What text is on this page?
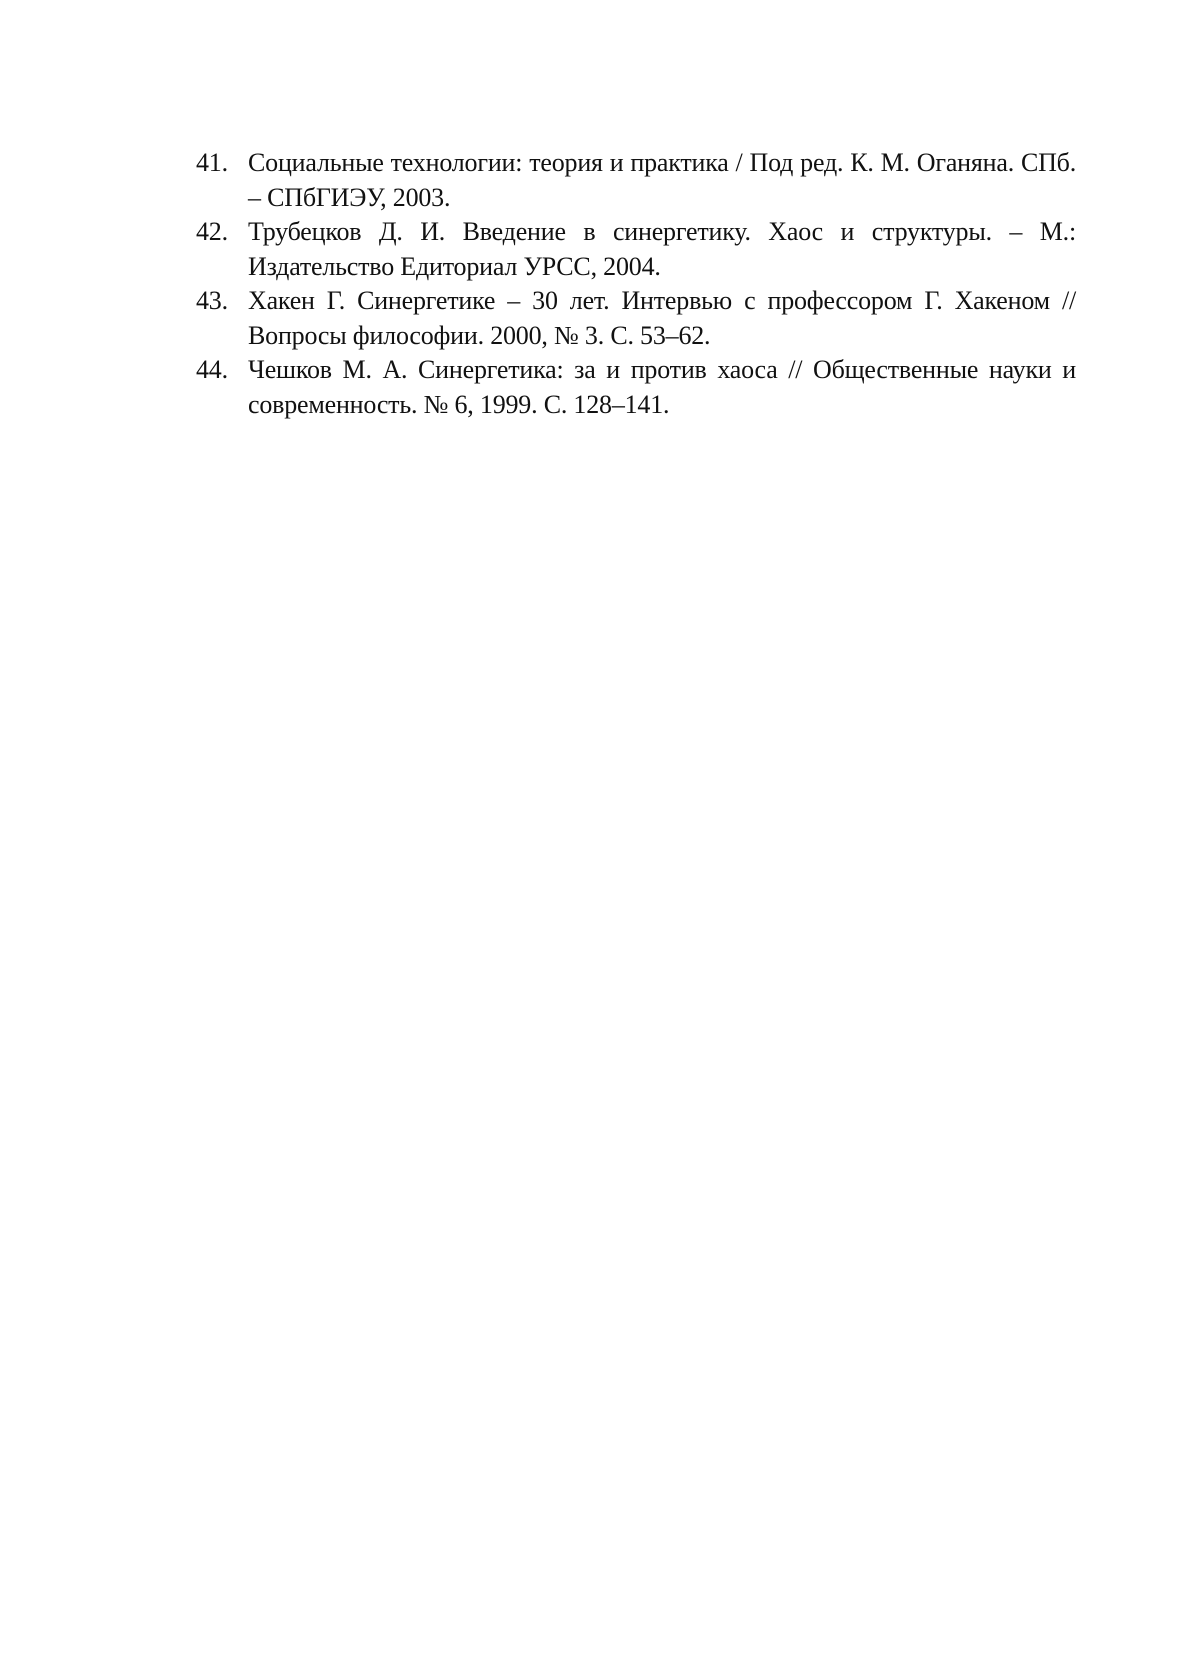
41. Социальные технологии: теория и практика / Под ред. К. М. Оганяна. СПб. – СПбГИЭУ, 2003.
42. Трубецков Д. И. Введение в синергетику. Хаос и структуры. – М.: Издательство Едиториал УРСС, 2004.
43. Хакен Г. Синергетике – 30 лет. Интервью с профессором Г. Хакеном // Вопросы философии. 2000, № 3. С. 53–62.
44. Чешков М. А. Синергетика: за и против хаоса // Общественные науки и современность. № 6, 1999. С. 128–141.
